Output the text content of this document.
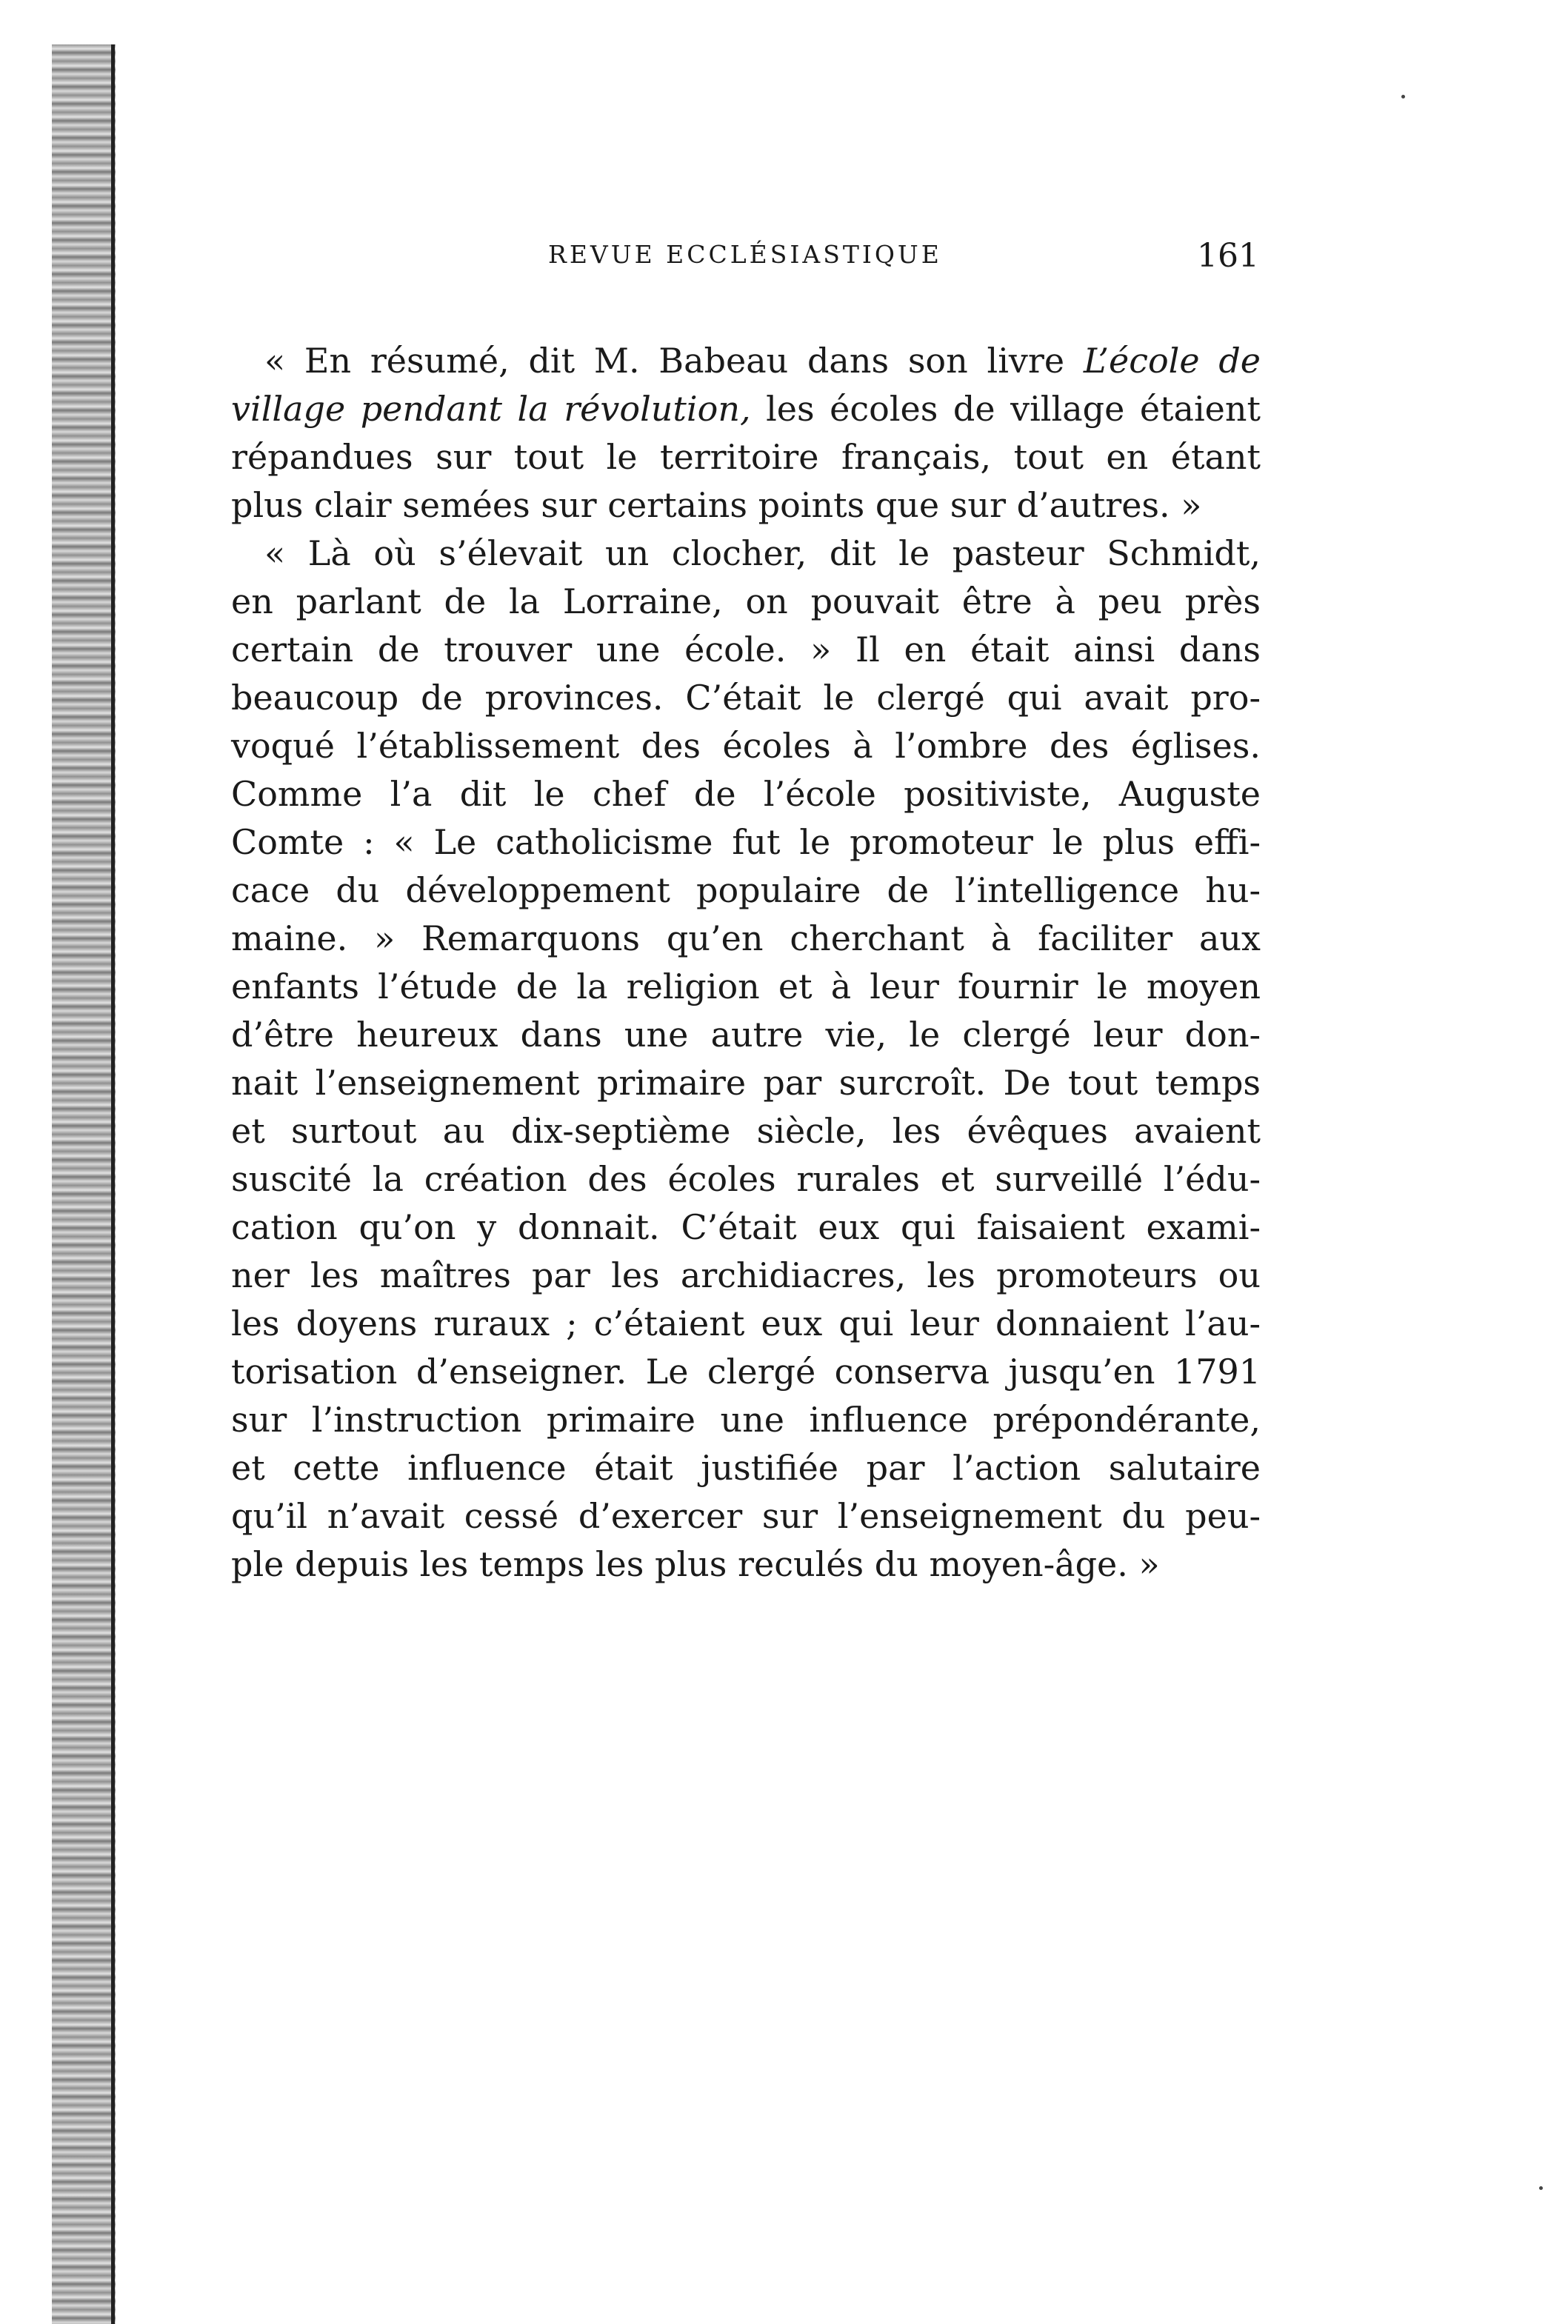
REVUE ECCLÉSIASTIQUE	161
« En résumé, dit M. Babeau dans son livre L’école de
village pendant la révolution, les écoles de village étaient
répandues sur tout le territoire français, tout en étant
plus clair semées sur certains points que sur d’autres. »
« Là où s’élevait un clocher, dit le pasteur Schmidt,
en parlant de la Lorraine, on pouvait être à peu près
certain de trouver une école. » Il en était ainsi dans
beaucoup de provinces. C’était le clergé qui avait pro-
voqué l’établissement des écoles à l’ombre des églises.
Comme l’a dit le chef de l’école positiviste, Auguste
Comte : « Le catholicisme fut le promoteur le plus effi-
cace du développement populaire de l’intelligence hu-
maine. » Remarquons qu’en cherchant à faciliter aux
enfants l’étude de la religion et à leur fournir le moyen
d’être heureux dans une autre vie, le clergé leur don-
nait l’enseignement primaire par surcroît. De tout temps
et surtout au dix-septième siècle, les évêques avaient
suscité la création des écoles rurales et surveillé l’édu-
cation qu’on y donnait. C’était eux qui faisaient exami-
ner les maîtres par les archidiacres, les promoteurs ou
les doyens ruraux ; c’étaient eux qui leur donnaient l’au-
torisation d’enseigner. Le clergé conserva jusqu’en 1791
sur l’instruction primaire une influence prépondérante,
et cette influence était justifiée par l’action salutaire
qu’il n’avait cessé d’exercer sur l’enseignement du peu-
ple depuis les temps les plus reculés du moyen-âge. »
